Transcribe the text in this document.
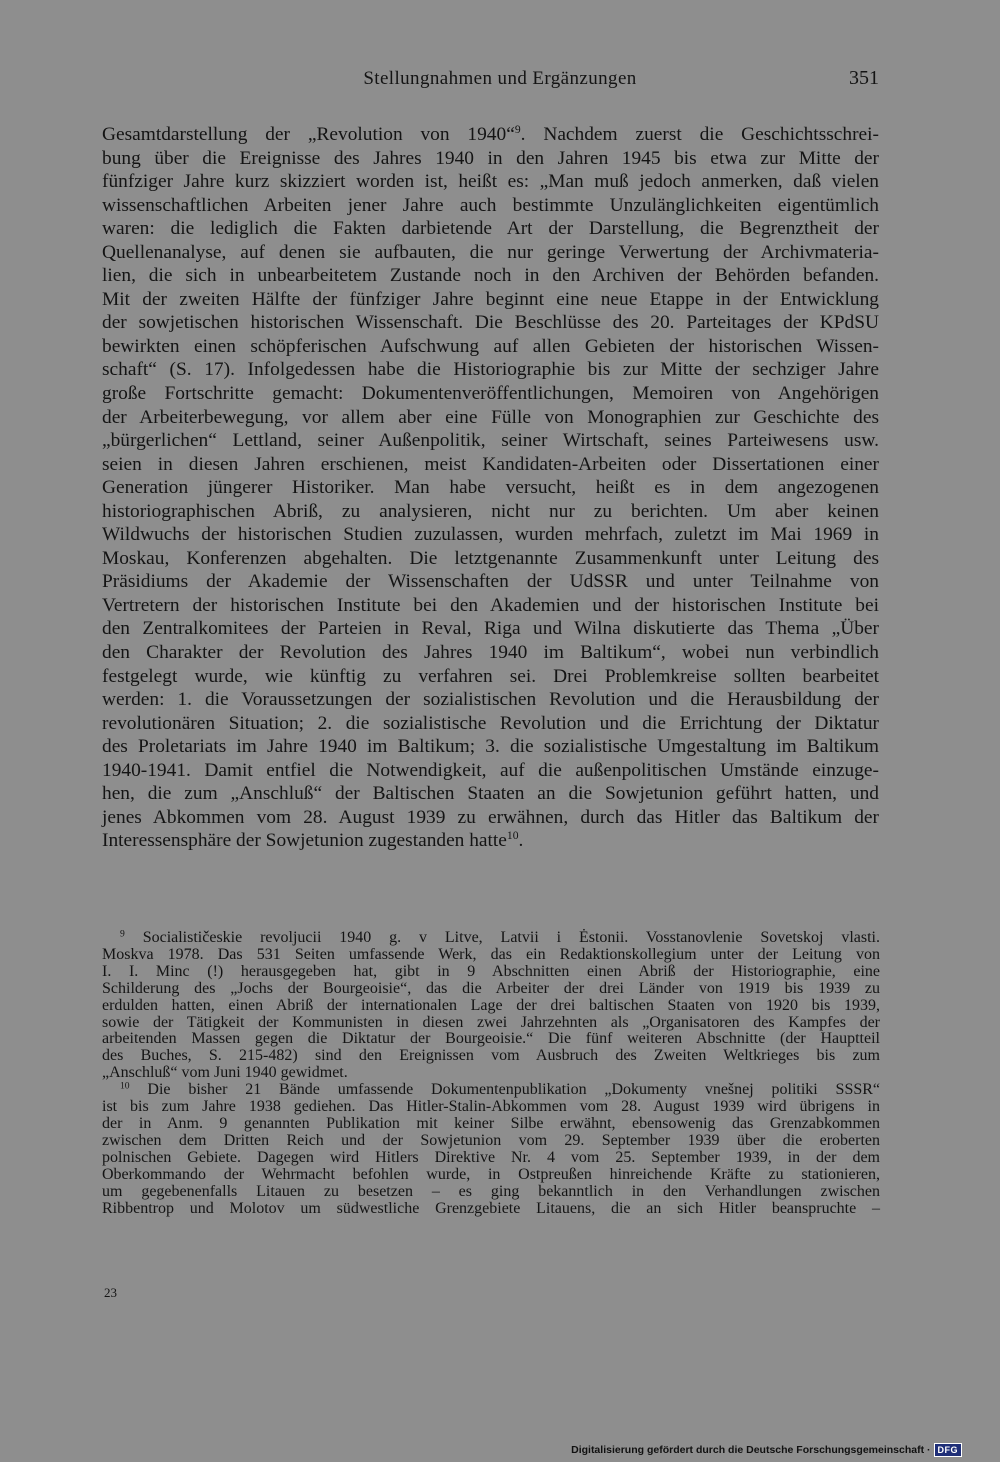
Stellungnahmen und Ergänzungen	351
Gesamtdarstellung der „Revolution von 1940“$^9$. Nachdem zuerst die Geschichtsschrei-
bung über die Ereignisse des Jahres 1940 in den Jahren 1945 bis etwa zur Mitte der
fünfziger Jahre kurz skizziert worden ist, heißt es: „Man muß jedoch anmerken, daß vielen
wissenschaftlichen Arbeiten jener Jahre auch bestimmte Unzulänglichkeiten eigentümlich
waren: die lediglich die Fakten darbietende Art der Darstellung, die Begrenztheit der
Quellenanalyse, auf denen sie aufbauten, die nur geringe Verwertung der Archivmateria-
lien, die sich in unbearbeitetem Zustande noch in den Archiven der Behörden befanden.
Mit der zweiten Hälfte der fünfziger Jahre beginnt eine neue Etappe in der Entwicklung
der sowjetischen historischen Wissenschaft. Die Beschlüsse des 20. Parteitages der KPdSU
bewirkten einen schöpferischen Aufschwung auf allen Gebieten der historischen Wissen-
schaft“ (S. 17). Infolgedessen habe die Historiographie bis zur Mitte der sechziger Jahre
große Fortschritte gemacht: Dokumentenveröffentlichungen, Memoiren von Angehörigen
der Arbeiterbewegung, vor allem aber eine Fülle von Monographien zur Geschichte des
„bürgerlichen“ Lettland, seiner Außenpolitik, seiner Wirtschaft, seines Parteiwesens usw.
seien in diesen Jahren erschienen, meist Kandidaten-Arbeiten oder Dissertationen einer
Generation jüngerer Historiker. Man habe versucht, heißt es in dem angezogenen
historiographischen Abriß, zu analysieren, nicht nur zu berichten. Um aber keinen
Wildwuchs der historischen Studien zuzulassen, wurden mehrfach, zuletzt im Mai 1969 in
Moskau, Konferenzen abgehalten. Die letztgenannte Zusammenkunft unter Leitung des
Präsidiums der Akademie der Wissenschaften der UdSSR und unter Teilnahme von
Vertretern der historischen Institute bei den Akademien und der historischen Institute bei
den Zentralkomitees der Parteien in Reval, Riga und Wilna diskutierte das Thema „Über
den Charakter der Revolution des Jahres 1940 im Baltikum“, wobei nun verbindlich
festgelegt wurde, wie künftig zu verfahren sei. Drei Problemkreise sollten bearbeitet
werden: 1. die Voraussetzungen der sozialistischen Revolution und die Herausbildung der
revolutionären Situation; 2. die sozialistische Revolution und die Errichtung der Diktatur
des Proletariats im Jahre 1940 im Baltikum; 3. die sozialistische Umgestaltung im Baltikum
1940-1941. Damit entfiel die Notwendigkeit, auf die außenpolitischen Umstände einzuge-
hen, die zum „Anschluß“ der Baltischen Staaten an die Sowjetunion geführt hatten, und
jenes Abkommen vom 28. August 1939 zu erwähnen, durch das Hitler das Baltikum der
Interessensphäre der Sowjetunion zugestanden hatte$^{10}$.
$^9$ Socialističeskie revoljucii 1940 g. v Litve, Latvii i Ėstonii. Vosstanovlenie Sovetskoj vlasti.
Moskva 1978. Das 531 Seiten umfassende Werk, das ein Redaktionskollegium unter der Leitung von
I. I. Minc (!) herausgegeben hat, gibt in 9 Abschnitten einen Abriß der Historiographie, eine
Schilderung des „Jochs der Bourgeoisie“, das die Arbeiter der drei Länder von 1919 bis 1939 zu
erdulden hatten, einen Abriß der internationalen Lage der drei baltischen Staaten von 1920 bis 1939,
sowie der Tätigkeit der Kommunisten in diesen zwei Jahrzehnten als „Organisatoren des Kampfes der
arbeitenden Massen gegen die Diktatur der Bourgeoisie.“ Die fünf weiteren Abschnitte (der Hauptteil
des Buches, S. 215-482) sind den Ereignissen vom Ausbruch des Zweiten Weltkrieges bis zum
„Anschluß“ vom Juni 1940 gewidmet.
$^{10}$ Die bisher 21 Bände umfassende Dokumentenpublikation „Dokumenty vnešnej politiki SSSR“
ist bis zum Jahre 1938 gediehen. Das Hitler-Stalin-Abkommen vom 28. August 1939 wird übrigens in
der in Anm. 9 genannten Publikation mit keiner Silbe erwähnt, ebensowenig das Grenzabkommen
zwischen dem Dritten Reich und der Sowjetunion vom 29. September 1939 über die eroberten
polnischen Gebiete. Dagegen wird Hitlers Direktive Nr. 4 vom 25. September 1939, in der dem
Oberkommando der Wehrmacht befohlen wurde, in Ostpreußen hinreichende Kräfte zu stationieren,
um gegebenenfalls Litauen zu besetzen – es ging bekanntlich in den Verhandlungen zwischen
Ribbentrop und Molotov um südwestliche Grenzgebiete Litauens, die an sich Hitler beanspruchte –
23
Digitalisierung gefördert durch die Deutsche Forschungsgemeinschaft · DFG
